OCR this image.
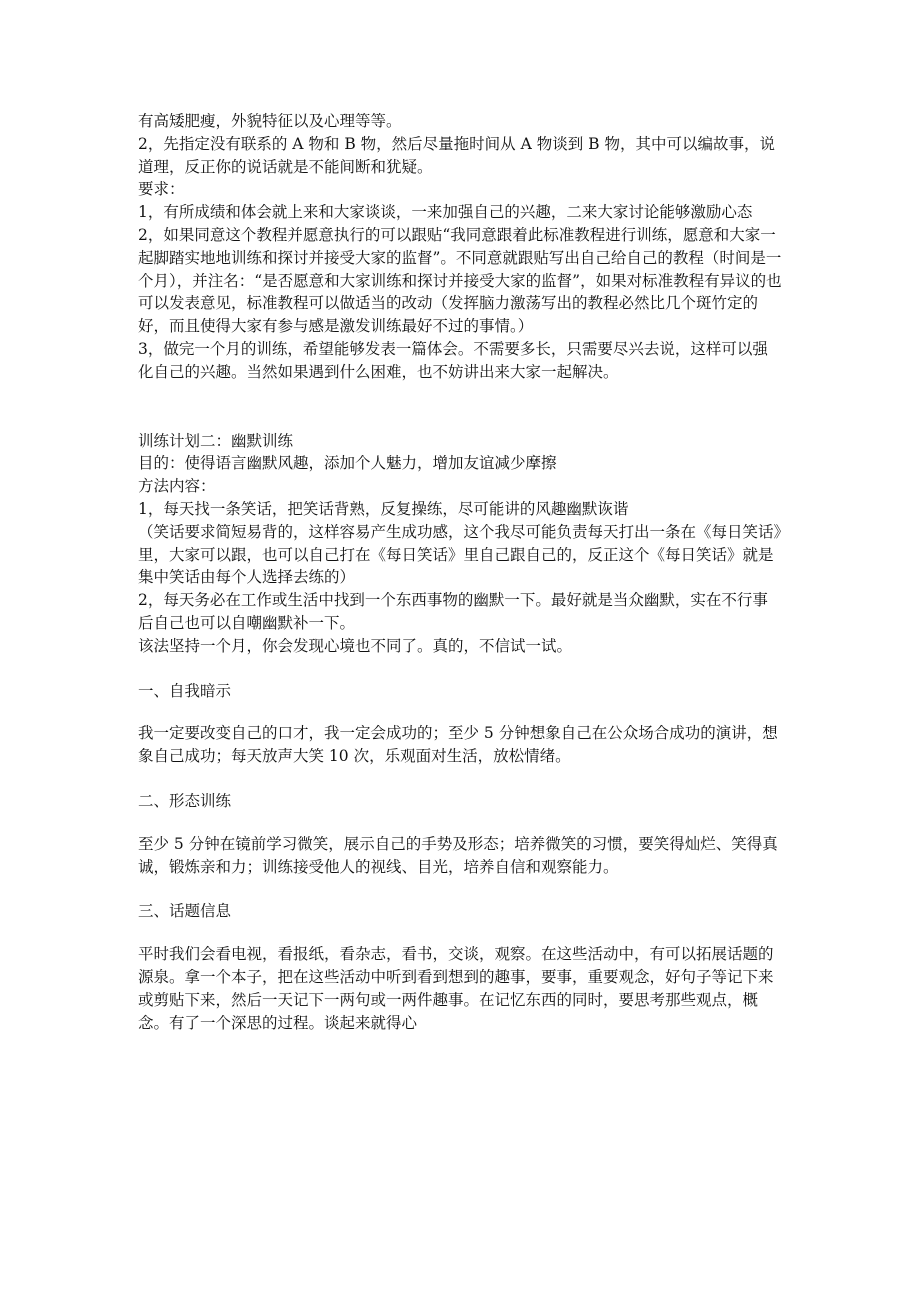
有高矮肥瘦，外貌特征以及心理等等。

2，先指定没有联系的 A 物和 B 物，然后尽量拖时间从 A 物谈到 B 物，其中可以编故事，说道理，反正你的说话就是不能间断和犹疑。

要求：

1，有所成绩和体会就上来和大家谈谈，一来加强自己的兴趣，二来大家讨论能够激励心态

2，如果同意这个教程并愿意执行的可以跟贴“我同意跟着此标准教程进行训练，愿意和大家一起脚踏实地地训练和探讨并接受大家的监督”。不同意就跟贴写出自己给自己的教程（时间是一个月），并注名：“是否愿意和大家训练和探讨并接受大家的监督”，如果对标准教程有异议的也可以发表意见，标准教程可以做适当的改动（发挥脑力激荡写出的教程必然比几个斑竹定的好，而且使得大家有参与感是激发训练最好不过的事情。）

3，做完一个月的训练，希望能够发表一篇体会。不需要多长，只需要尽兴去说，这样可以强化自己的兴趣。当然如果遇到什么困难，也不妨讲出来大家一起解决。

训练计划二：幽默训练

目的：使得语言幽默风趣，添加个人魅力，增加友谊减少摩擦

方法内容：

1，每天找一条笑话，把笑话背熟，反复操练，尽可能讲的风趣幽默诙谐

（笑话要求简短易背的，这样容易产生成功感，这个我尽可能负责每天打出一条在《每日笑话》里，大家可以跟，也可以自己打在《每日笑话》里自己跟自己的，反正这个《每日笑话》就是集中笑话由每个人选择去练的）

2，每天务必在工作或生活中找到一个东西事物的幽默一下。最好就是当众幽默，实在不行事后自己也可以自嘲幽默补一下。

该法坚持一个月，你会发现心境也不同了。真的，不信试一试。

一、自我暗示

我一定要改变自己的口才，我一定会成功的；至少 5 分钟想象自己在公众场合成功的演讲，想象自己成功；每天放声大笑 10 次，乐观面对生活，放松情绪。

二、形态训练

至少 5 分钟在镜前学习微笑，展示自己的手势及形态；培养微笑的习惯，要笑得灿烂、笑得真诚，锻炼亲和力；训练接受他人的视线、目光，培养自信和观察能力。

三、话题信息

平时我们会看电视，看报纸，看杂志，看书，交谈，观察。在这些活动中，有可以拓展话题的源泉。拿一个本子，把在这些活动中听到看到想到的趣事，要事，重要观念，好句子等记下来或剪贴下来，然后一天记下一两句或一两件趣事。在记忆东西的同时，要思考那些观点，概念。有了一个深思的过程。谈起来就得心
